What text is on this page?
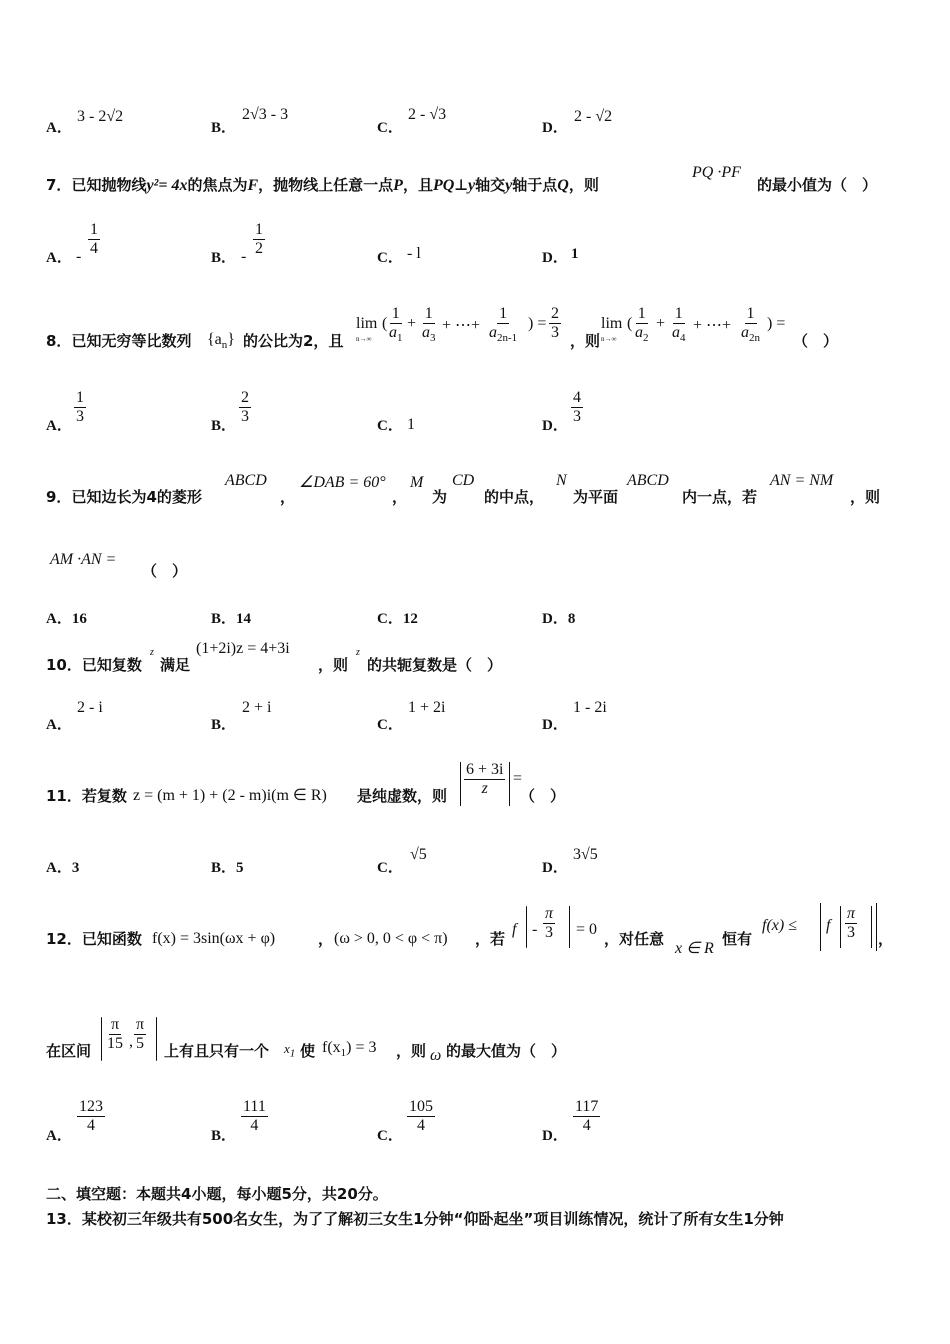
A．
3 - 2√2
B．
2√3 - 3
C．
2 - √3
D．
2 - √2
7．已知抛物线y²= 4x的焦点为F，抛物线上任意一点P，且PQ⊥y轴交y轴于点Q，则
PQ ·PF
的最小值为（　）
A． - $\frac{1}{4}$
B． - $\frac{1}{2}$
C． - l	D． 1
8．已知无穷等比数列 $\{a_n\}$ 的公比为2，且
lim
n→∞
( $\frac{1}{a_1} + \frac{1}{a_3}$ + ⋯+ $\frac{1}{a_{2n-1}}$ ) = $\frac{2}{3}$ ，则
lim
n→∞
( $\frac{1}{a_2} + \frac{1}{a_4}$ + ⋯+ $\frac{1}{a_{2n}}$ ) =
（　）
A．
$\frac{1}{3}$
B．
$\frac{2}{3}$
C． 1	D．
$\frac{4}{3}$
9．已知边长为4的菱形
ABCD
，
∠DAB = 60°
，
M
为
CD
的中点，
N
为平面
ABCD
内一点，若
AN = NM
，则
AM ·AN =
（　）
A．16	B．14	C．12	D．8
10．已知复数
z
满足
(1+2i)z = 4+3i
，则
z
的共轭复数是（　）
A．
2 - i
B．
2 + i
C．
1 + 2i
D．
1 - 2i
11．若复数 z = (m + 1) + (2 - m)i(m ∈ R) 是纯虚数，则 $\frac{6 + 3i}{z}$ =
（　）
A．3	B．5	C．
√5
D．
3√5
12．已知函数 f(x) = 3sin(ωx + φ)	， (ω > 0, 0 < φ < π) ，若
$f - \frac{\pi}{3} = 0$
，对任意
x ∈ R
恒有
f(x) ≤ f $\frac{\pi}{3}$ ，
在区间 $\frac{\pi}{15}$ , $\frac{\pi}{5}$ 上有且只有一个 $x_1$ 使 $f(x_1) = 3$ ，则 ω 的最大值为（　）
A．
$\frac{123}{4}$
B．
$\frac{111}{4}$
C．
$\frac{105}{4}$
D．
$\frac{117}{4}$
二、填空题：本题共4小题，每小题5分，共20分。
13．某校初三年级共有500名女生，为了了解初三女生1分钟“仰卧起坐”项目训练情况，统计了所有女生1分钟
